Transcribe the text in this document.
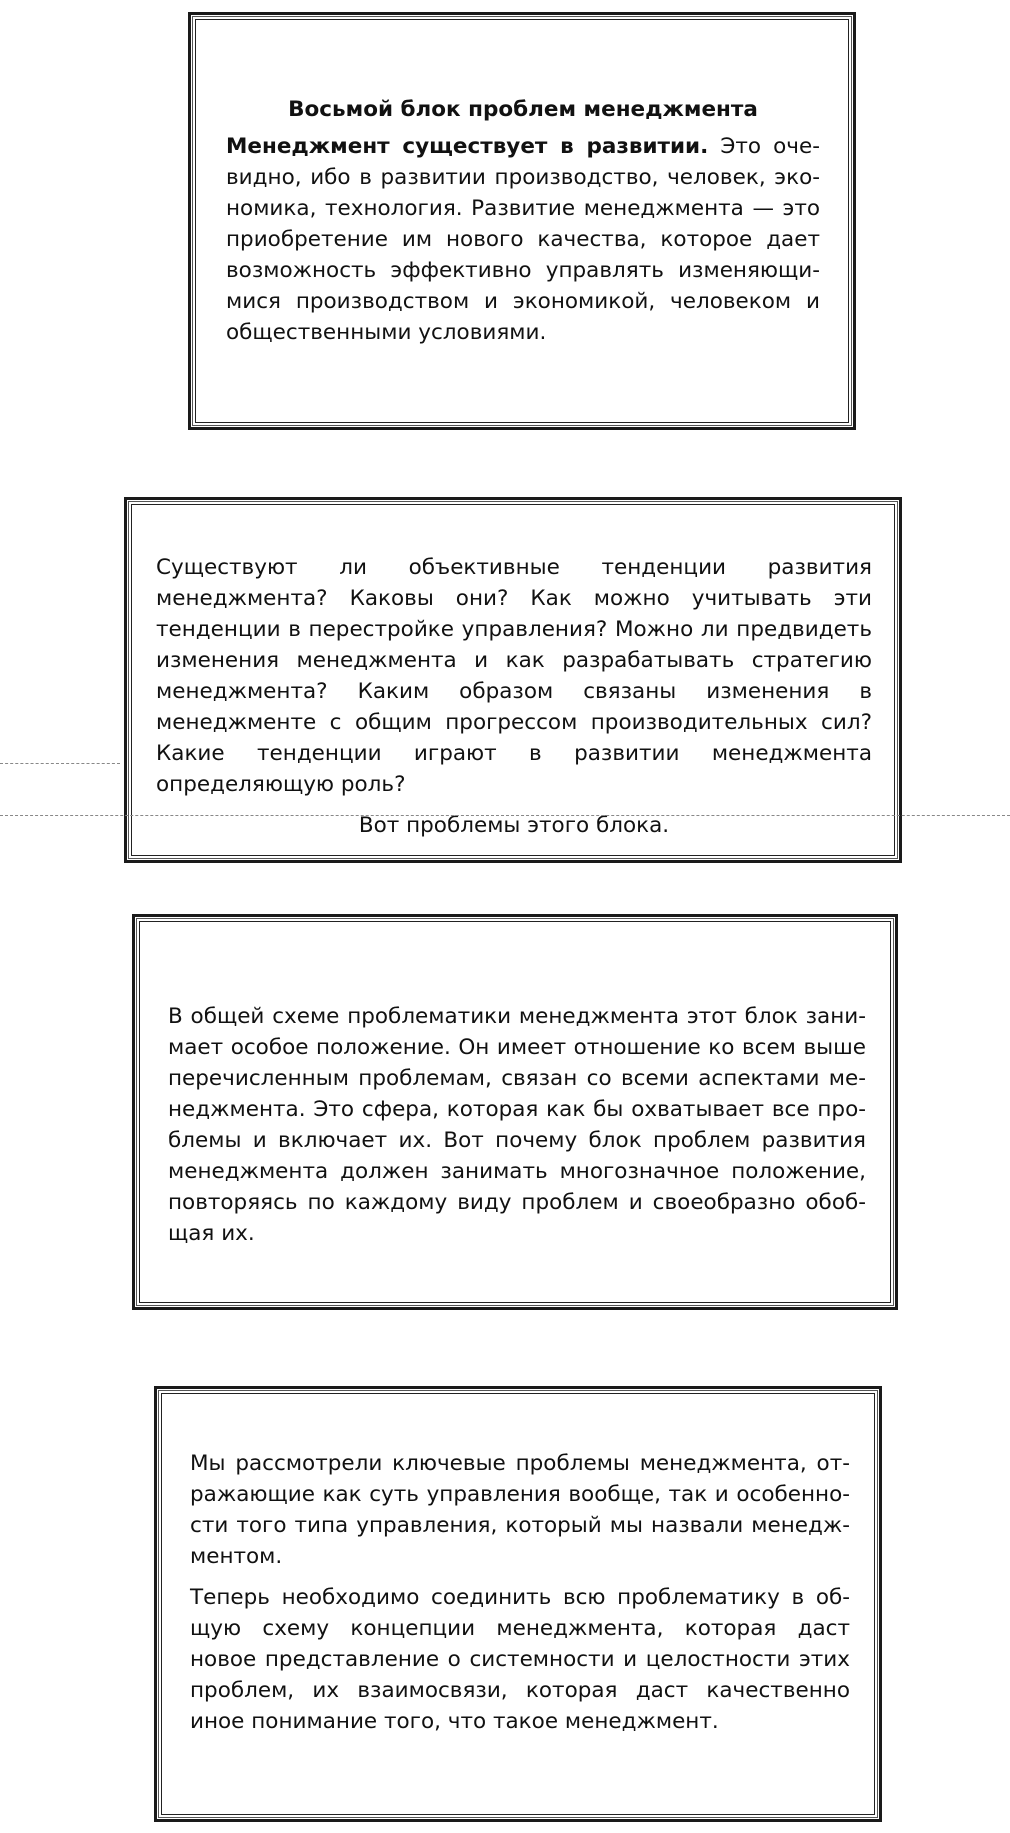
Восьмой блок проблем менеджмента

Менеджмент существует в развитии. Это очевидно, ибо в развитии производство, человек, экономика, технология. Развитие менеджмента — это приобретение им нового качества, которое дает возможность эффективно управлять изменяющимися производством и экономикой, человеком и общественными условиями.

Существуют ли объективные тенденции развития менеджмента? Каковы они? Как можно учитывать эти тенденции в перестройке управления? Можно ли предвидеть изменения менеджмента и как разрабатывать стратегию менеджмента? Каким образом связаны изменения в менеджменте с общим прогрессом производительных сил? Какие тенденции играют в развитии менеджмента определяющую роль?

Вот проблемы этого блока.

В общей схеме проблематики менеджмента этот блок занимает особое положение. Он имеет отношение ко всем выше перечисленным проблемам, связан со всеми аспектами менеджмента. Это сфера, которая как бы охватывает все проблемы и включает их. Вот почему блок проблем развития менеджмента должен занимать многозначное положение, повторяясь по каждому виду проблем и своеобразно обобщая их.

Мы рассмотрели ключевые проблемы менеджмента, отражающие как суть управления вообще, так и особенности того типа управления, который мы назвали менеджментом.

Теперь необходимо соединить всю проблематику в общую схему концепции менеджмента, которая даст новое представление о системности и целостности этих проблем, их взаимосвязи, которая даст качественно иное понимание того, что такое менеджмент.
